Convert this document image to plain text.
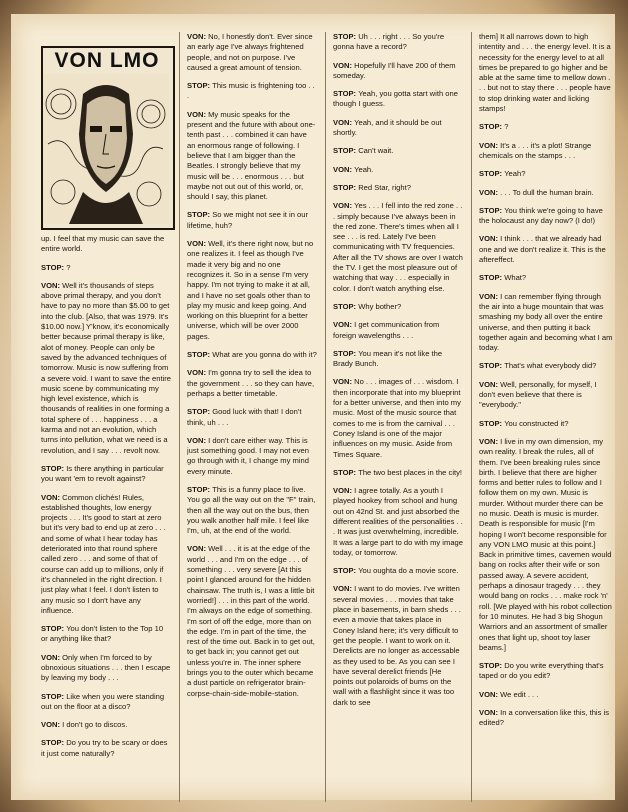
VON LMO

up. I feel that my music can save the entire world.

STOP: ?

VON: Well it's thousands of steps above primal therapy, and you don't have to pay no more than $5.00 to get into the club. [Also, that was 1979. It's $10.00 now.] Y'know, it's economically better because primal therapy is like, alot of money. People can only be saved by the advanced techniques of tomorrow. Music is now suffering from a severe void. I want to save the entire music scene by communicating my high level existence, which is thousands of realities in one forming a total sphere of . . . happiness . . . a karma and not an evolution, which turns into pellution, what we need is a revolution, and I say . . . revolt now.

STOP: Is there anything in particular you want 'em to revolt against?

VON: Common clichés! Rules, established thoughts, low energy projects . . . It's good to start at zero but it's very bad to end up at zero . . . and some of what I hear today has deteriorated into that round sphere called zero . . . and some of that of course can add up to millions, only if it's channeled in the right direction. I just play what I feel. I don't listen to any music so I don't have any influence.

STOP: You don't listen to the Top 10 or anything like that?

VON: Only when I'm forced to by obnoxious situations . . . then I escape by leaving my body . . .

STOP: Like when you were standing out on the floor at a disco?

VON: I don't go to discos.

STOP: Do you try to be scary or does it just come naturally?

VON: No, I honestly don't. Ever since an early age I've always frightened people, and not on purpose. I've caused a great amount of tension.

STOP: This music is frightening too . . .

VON: My music speaks for the present and the future with about one-tenth past . . . combined it can have an enormous range of following. I believe that I am bigger than the Beatles. I strongly believe that my music will be . . . enormous . . . but maybe not out out of this world, or, should I say, this planet.

STOP: So we might not see it in our lifetime, huh?

VON: Well, it's there right now, but no one realizes it. I feel as though I've made it very big and no one recognizes it. So in a sense I'm very happy. I'm not trying to make it at all, and I have no set goals other than to play my music and keep going. And working on this blueprint for a better universe, which will be over 2000 pages.

STOP: What are you gonna do with it?

VON: I'm gonna try to sell the idea to the government . . . so they can have, perhaps a better timetable.

STOP: Good luck with that! I don't think, uh . . .

VON: I don't care either way. This is just something good. I may not even go through with it, I change my mind every minute.

STOP: This is a funny place to live. You go all the way out on the "F" train, then all the way out on the bus, then you walk another half mile. I feel like I'm, uh, at the end of the world.

VON: Well . . . it is at the edge of the world . . . and I'm on the edge . . . of something . . . very severe [At this point I glanced around for the hidden chainsaw. The truth is, I was a little bit worried!] . . . in this part of the world. I'm always on the edge of something. I'm sort of off the edge, more than on the edge. I'm in part of the time, the rest of the time out. Back in to get out, to get back in; you cannot get out unless you're in. The inner sphere brings you to the outer which became a dust particle on refrigerator brain-corpse-chain-side-mobile-station.

STOP: Uh . . . right . . . So you're gonna have a record?

VON: Hopefully I'll have 200 of them someday.

STOP: Yeah, you gotta start with one though I guess.

VON: Yeah, and it should be out shortly.

STOP: Can't wait.

VON: Yeah.

STOP: Red Star, right?

VON: Yes . . . I fell into the red zone . . . simply because I've always been in the red zone. There's times when all I see . . . is red. Lately I've been communicating with TV frequencies. After all the TV shows are over I watch the TV. I get the most pleasure out of watching that way . . . especially in color. I don't watch anything else.

STOP: Why bother?

VON: I get communication from foreign wavelengths . . .

STOP: You mean it's not like the Brady Bunch.

VON: No . . . images of . . . wisdom. I then incorporate that into my blueprint for a better universe, and then into my music. Most of the music source that comes to me is from the carnival . . . Coney Island is one of the major influences on my music. Aside from Times Square.

STOP: The two best places in the city!

VON: I agree totally. As a youth I played hookey from school and hung out on 42nd St. and just absorbed the different realities of the personalities . . . It was just overwhelming, incredible. It was a large part to do with my image today, or tomorrow.

STOP: You oughta do a movie score.

VON: I want to do movies. I've written several movies . . . movies that take place in basements, in barn sheds . . . even a movie that takes place in Coney Island here; it's very difficult to get the people. I want to work on it. Derelicts are no longer as accessable as they used to be. As you can see I have several derelict friends [He points out polaroids of bums on the wall with a flashlight since it was too dark to see

them] It all narrows down to high intentity and . . . the energy level. It is a necessity for the energy level to at all times be prepared to go higher and be able at the same time to mellow down . . . but not to stay there . . . people have to stop drinking water and licking stamps!

STOP: ?

VON: It's a . . . it's a plot! Strange chemicals on the stamps . . .

STOP: Yeah?

VON: . . . To dull the human brain.

STOP: You think we're going to have the holocaust any day now? (I do!)

VON: I think . . . that we already had one and we don't realize it. This is the aftereffect.

STOP: What?

VON: I can remember flying through the air into a huge mountain that was smashing my body all over the entire universe, and then putting it back together again and becoming what I am today.

STOP: That's what everybody did?

VON: Well, personally, for myself, I don't even believe that there is "everybody."

STOP: You constructed it?

VON: I live in my own dimension, my own reality. I break the rules, all of them. I've been breaking rules since birth. I believe that there are higher forms and better rules to follow and I follow them on my own. Music is murder. Without murder there can be no music. Death is music is murder. Death is responsible for music [I'm hoping I won't become responsible for any VON LMO music at this point.] Back in primitive times, cavemen would bang on rocks after their wife or son passed away. A severe accident, perhaps a dinosaur tragedy . . . they would bang on rocks . . . make rock 'n' roll. [We played with his robot collection for 10 minutes. He had 3 big Shogun Warriors and an assortment of smaller ones that light up, shoot toy laser beams.]

STOP: Do you write everything that's taped or do you edit?

VON: We edit . . .

VON: In a conversation like this, this is edited?
